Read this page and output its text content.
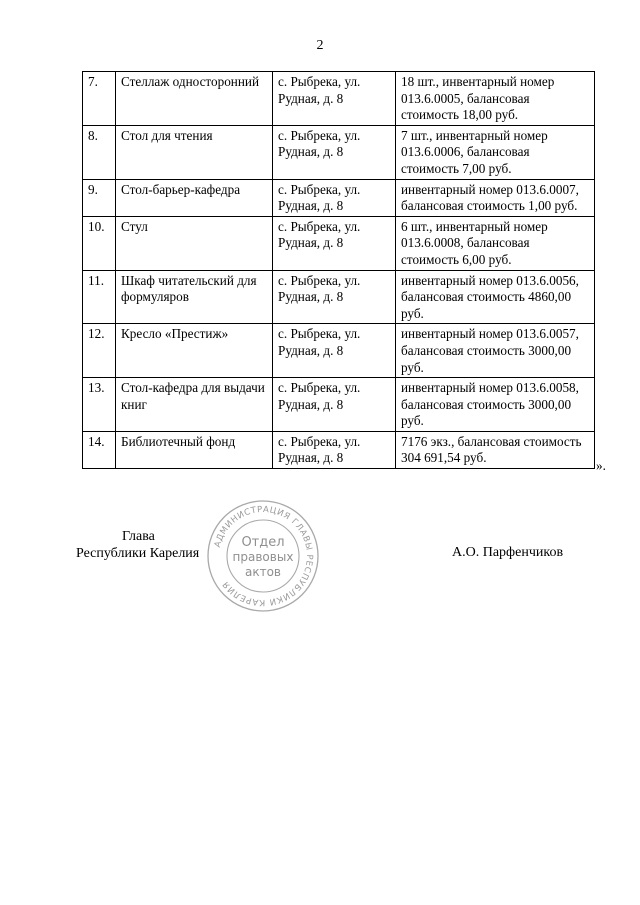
2
7.	Стеллаж односторонний	с. Рыбрека, ул. Рудная, д. 8	18 шт., инвентарный номер 013.6.0005, балансовая стоимость 18,00 руб.
8.	Стол для чтения	с. Рыбрека, ул. Рудная, д. 8	7 шт., инвентарный номер 013.6.0006, балансовая стоимость 7,00 руб.
9.	Стол-барьер-кафедра	с. Рыбрека, ул. Рудная, д. 8	инвентарный номер 013.6.0007, балансовая стоимость 1,00 руб.
10.	Стул	с. Рыбрека, ул. Рудная, д. 8	6 шт., инвентарный номер 013.6.0008, балансовая стоимость 6,00 руб.
11.	Шкаф читательский для формуляров	с. Рыбрека, ул. Рудная, д. 8	инвентарный номер 013.6.0056, балансовая стоимость 4860,00 руб.
12.	Кресло «Престиж»	с. Рыбрека, ул. Рудная, д. 8	инвентарный номер 013.6.0057, балансовая стоимость 3000,00 руб.
13.	Стол-кафедра для выдачи книг	с. Рыбрека, ул. Рудная, д. 8	инвентарный номер 013.6.0058, балансовая стоимость 3000,00 руб.
14.	Библиотечный фонд	с. Рыбрека, ул. Рудная, д. 8	7176 экз., балансовая стоимость 304 691,54 руб.
».
Глава
Республики Карелия
АДМИНИСТРАЦИЯ ГЛАВЫ РЕСПУБЛИКИ КАРЕЛИЯ
Отдел
правовых
актов
А.О. Парфенчиков
